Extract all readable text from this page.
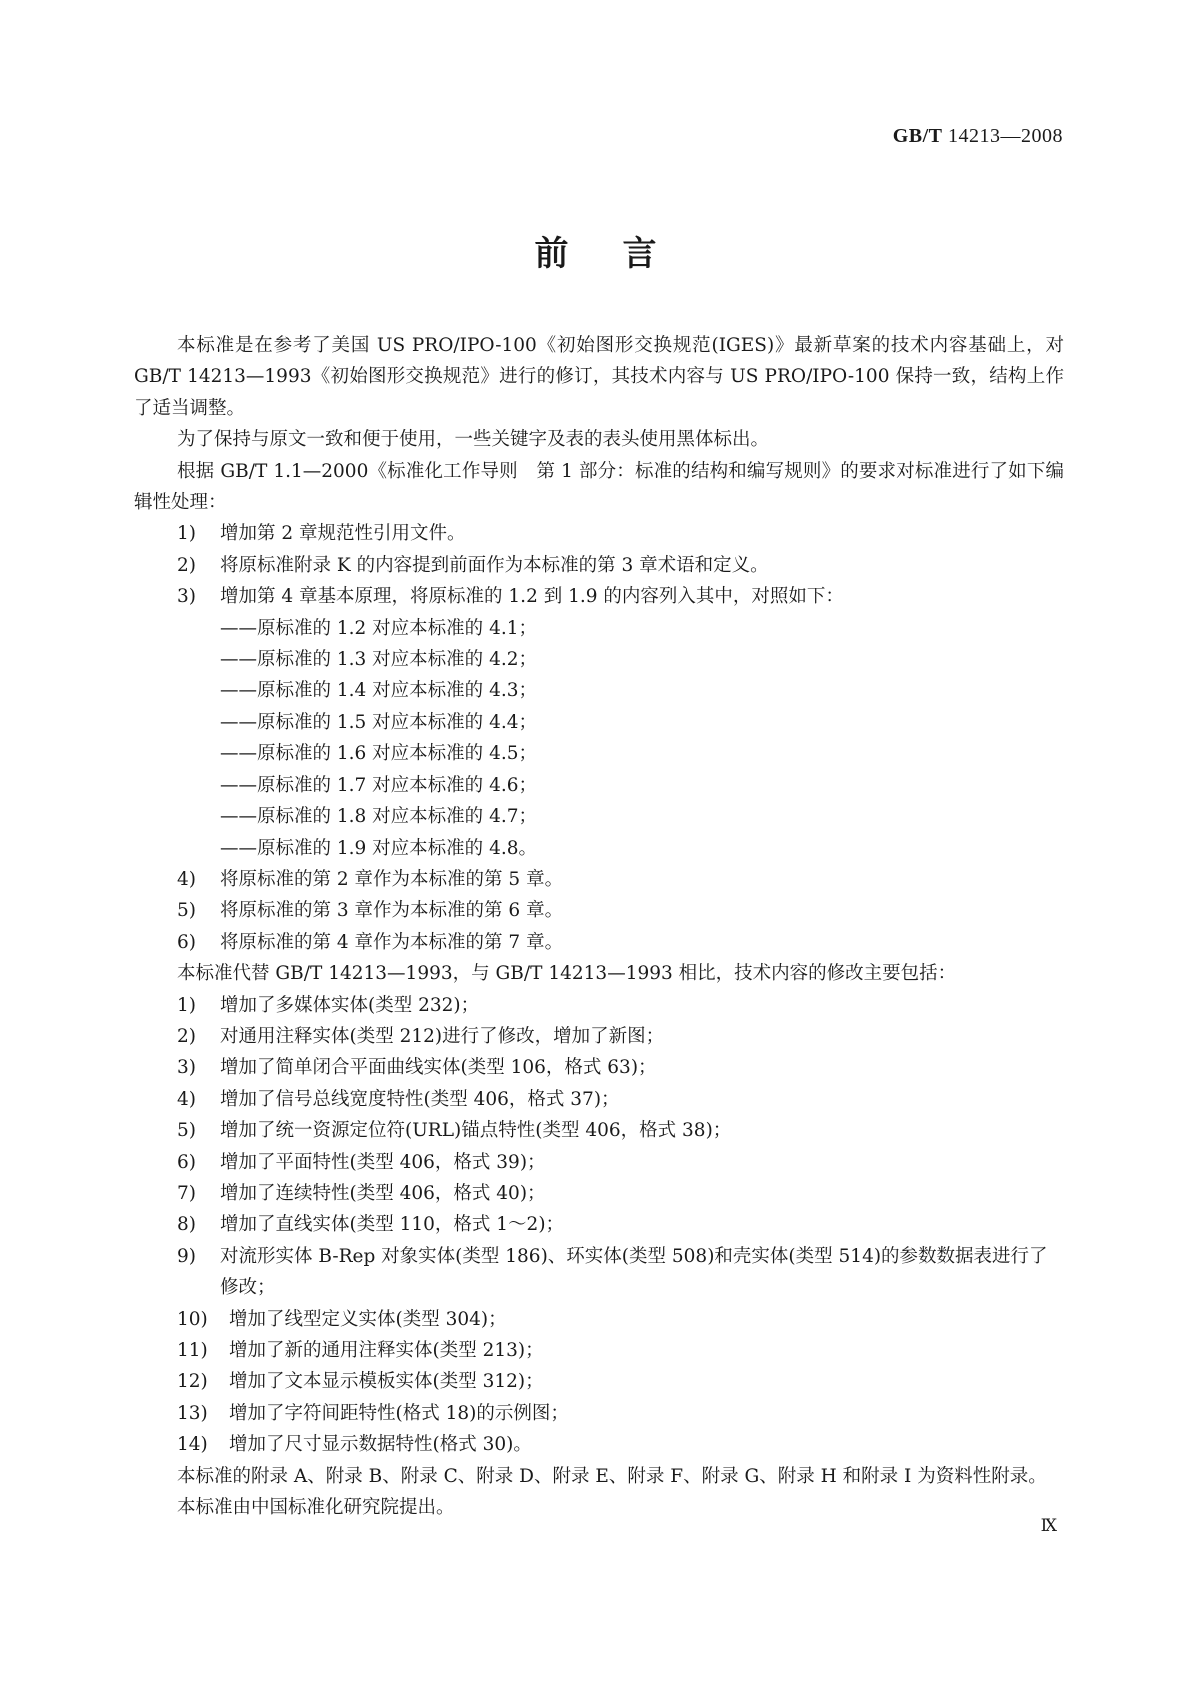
GB/T 14213—2008
前言

本标准是在参考了美国 US PRO/IPO-100《初始图形交换规范(IGES)》最新草案的技术内容基础上，对 GB/T 14213—1993《初始图形交换规范》进行的修订，其技术内容与 US PRO/IPO-100 保持一致，结构上作了适当调整。

为了保持与原文一致和便于使用，一些关键字及表的表头使用黑体标出。

根据 GB/T 1.1—2000《标准化工作导则　第 1 部分：标准的结构和编写规则》的要求对标准进行了如下编辑性处理：

1) 增加第 2 章规范性引用文件。
2) 将原标准附录 K 的内容提到前面作为本标准的第 3 章术语和定义。
3) 增加第 4 章基本原理，将原标准的 1.2 到 1.9 的内容列入其中，对照如下：
——原标准的 1.2 对应本标准的 4.1；
——原标准的 1.3 对应本标准的 4.2；
——原标准的 1.4 对应本标准的 4.3；
——原标准的 1.5 对应本标准的 4.4；
——原标准的 1.6 对应本标准的 4.5；
——原标准的 1.7 对应本标准的 4.6；
——原标准的 1.8 对应本标准的 4.7；
——原标准的 1.9 对应本标准的 4.8。
4) 将原标准的第 2 章作为本标准的第 5 章。
5) 将原标准的第 3 章作为本标准的第 6 章。
6) 将原标准的第 4 章作为本标准的第 7 章。

本标准代替 GB/T 14213—1993，与 GB/T 14213—1993 相比，技术内容的修改主要包括：

1) 增加了多媒体实体(类型 232)；
2) 对通用注释实体(类型 212)进行了修改，增加了新图；
3) 增加了简单闭合平面曲线实体(类型 106，格式 63)；
4) 增加了信号总线宽度特性(类型 406，格式 37)；
5) 增加了统一资源定位符(URL)锚点特性(类型 406，格式 38)；
6) 增加了平面特性(类型 406，格式 39)；
7) 增加了连续特性(类型 406，格式 40)；
8) 增加了直线实体(类型 110，格式 1～2)；
9) 对流形实体 B-Rep 对象实体(类型 186)、环实体(类型 508)和壳实体(类型 514)的参数数据表进行了修改；
10) 增加了线型定义实体(类型 304)；
11) 增加了新的通用注释实体(类型 213)；
12) 增加了文本显示模板实体(类型 312)；
13) 增加了字符间距特性(格式 18)的示例图；
14) 增加了尺寸显示数据特性(格式 30)。

本标准的附录 A、附录 B、附录 C、附录 D、附录 E、附录 F、附录 G、附录 H 和附录 I 为资料性附录。

本标准由中国标准化研究院提出。

Ⅸ
